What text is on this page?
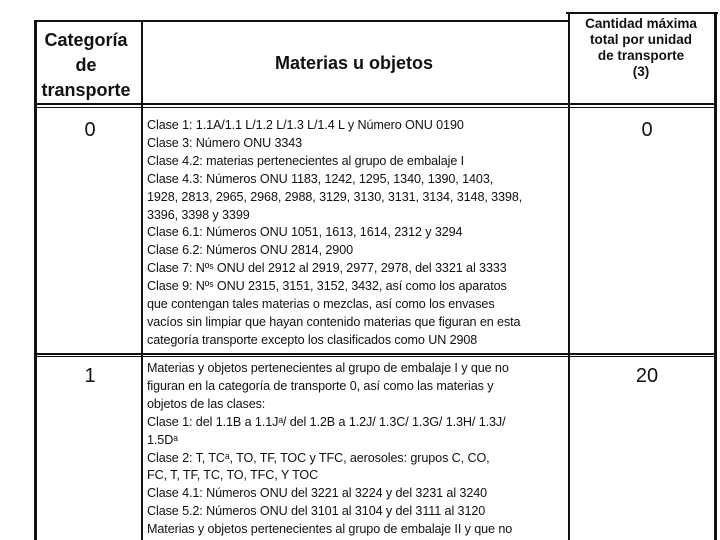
Categoría
de
transporte
Materias u objetos
Cantidad máxima
total por unidad
de transporte
(3)
0	0
Clase 1: 1.1A/1.1 L/1.2 L/1.3 L/1.4 L y Número ONU 0190
Clase 3: Número ONU 3343
Clase 4.2: materias pertenecientes al grupo de embalaje I
Clase 4.3: Números ONU 1183, 1242, 1295, 1340, 1390, 1403,
1928, 2813, 2965, 2968, 2988, 3129, 3130, 3131, 3134, 3148, 3398,
3396, 3398 y 3399
Clase 6.1: Números ONU 1051, 1613, 1614, 2312 y 3294
Clase 6.2: Números ONU 2814, 2900
Clase 7: Nºˢ ONU del 2912 al 2919, 2977, 2978, del 3321 al 3333
Clase 9: Nºˢ ONU 2315, 3151, 3152, 3432, así como los aparatos
que contengan tales materias o mezclas, así como los envases
vacíos sin limpiar que hayan contenido materias que figuran en esta
categoría transporte excepto los clasificados como UN 2908
1	20
Materias y objetos pertenecientes al grupo de embalaje I y que no
figuran en la categoría de transporte 0, así como las materias y
objetos de las clases:
Clase 1: del 1.1B a 1.1Jᵃ/ del 1.2B a 1.2J/ 1.3C/ 1.3G/ 1.3H/ 1.3J/
1.5Dᵃ
Clase 2: T, TCᵃ, TO, TF, TOC y TFC, aerosoles: grupos C, CO,
FC, T, TF, TC, TO, TFC, Y TOC
Clase 4.1: Números ONU del 3221 al 3224 y del 3231 al 3240
Clase 5.2: Números ONU del 3101 al 3104 y del 3111 al 3120
Materias y objetos pertenecientes al grupo de embalaje II y que no
